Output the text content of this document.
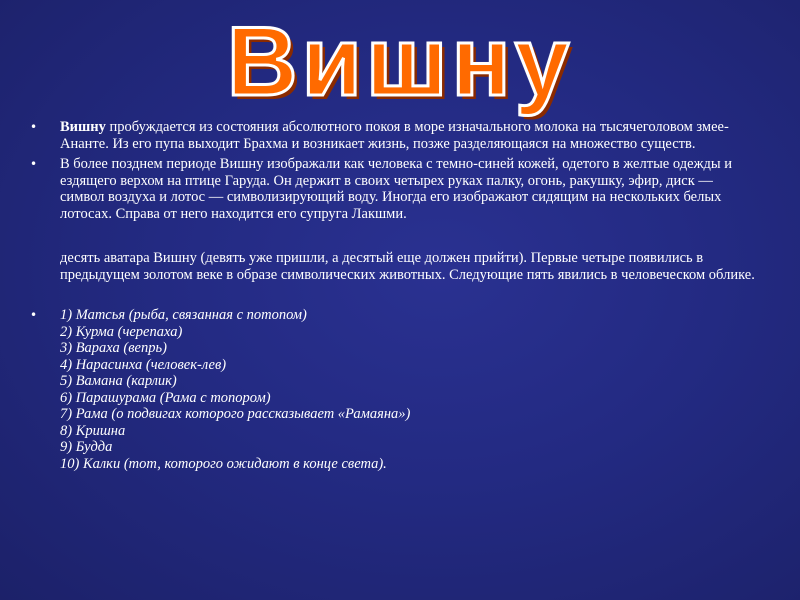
Вишну
•	Вишну пробуждается из состояния абсолютного покоя в море изначального молока на тысячеголовом змее-Ананте. Из его пупа выходит Брахма и возникает жизнь, позже разделяющаяся на множество существ.
•	В более позднем периоде Вишну изображали как человека с темно-синей кожей, одетого в желтые одежды и ездящего верхом на птице Гаруда. Он держит в своих четырех руках палку, огонь, ракушку, эфир, диск — символ воздуха и лотос — символизирующий воду. Иногда его изображают сидящим на нескольких белых лотосах. Справа от него находится его супруга Лакшми.
десять аватара Вишну (девять уже пришли, а десятый еще должен прийти). Первые четыре появились в предыдущем золотом веке в образе символических животных. Следующие пять явились в человеческом облике.
•	1) Матсья (рыба, связанная с потопом)
2) Курма (черепаха)
3) Вараха (вепрь)
4) Нарасинха (человек-лев)
5) Вамана (карлик)
6) Парашурама (Рама с топором)
7) Рама (о подвигах которого рассказывает «Рамаяна»)
8) Кришна
9) Будда
10) Калки (тот, которого ожидают в конце света).
